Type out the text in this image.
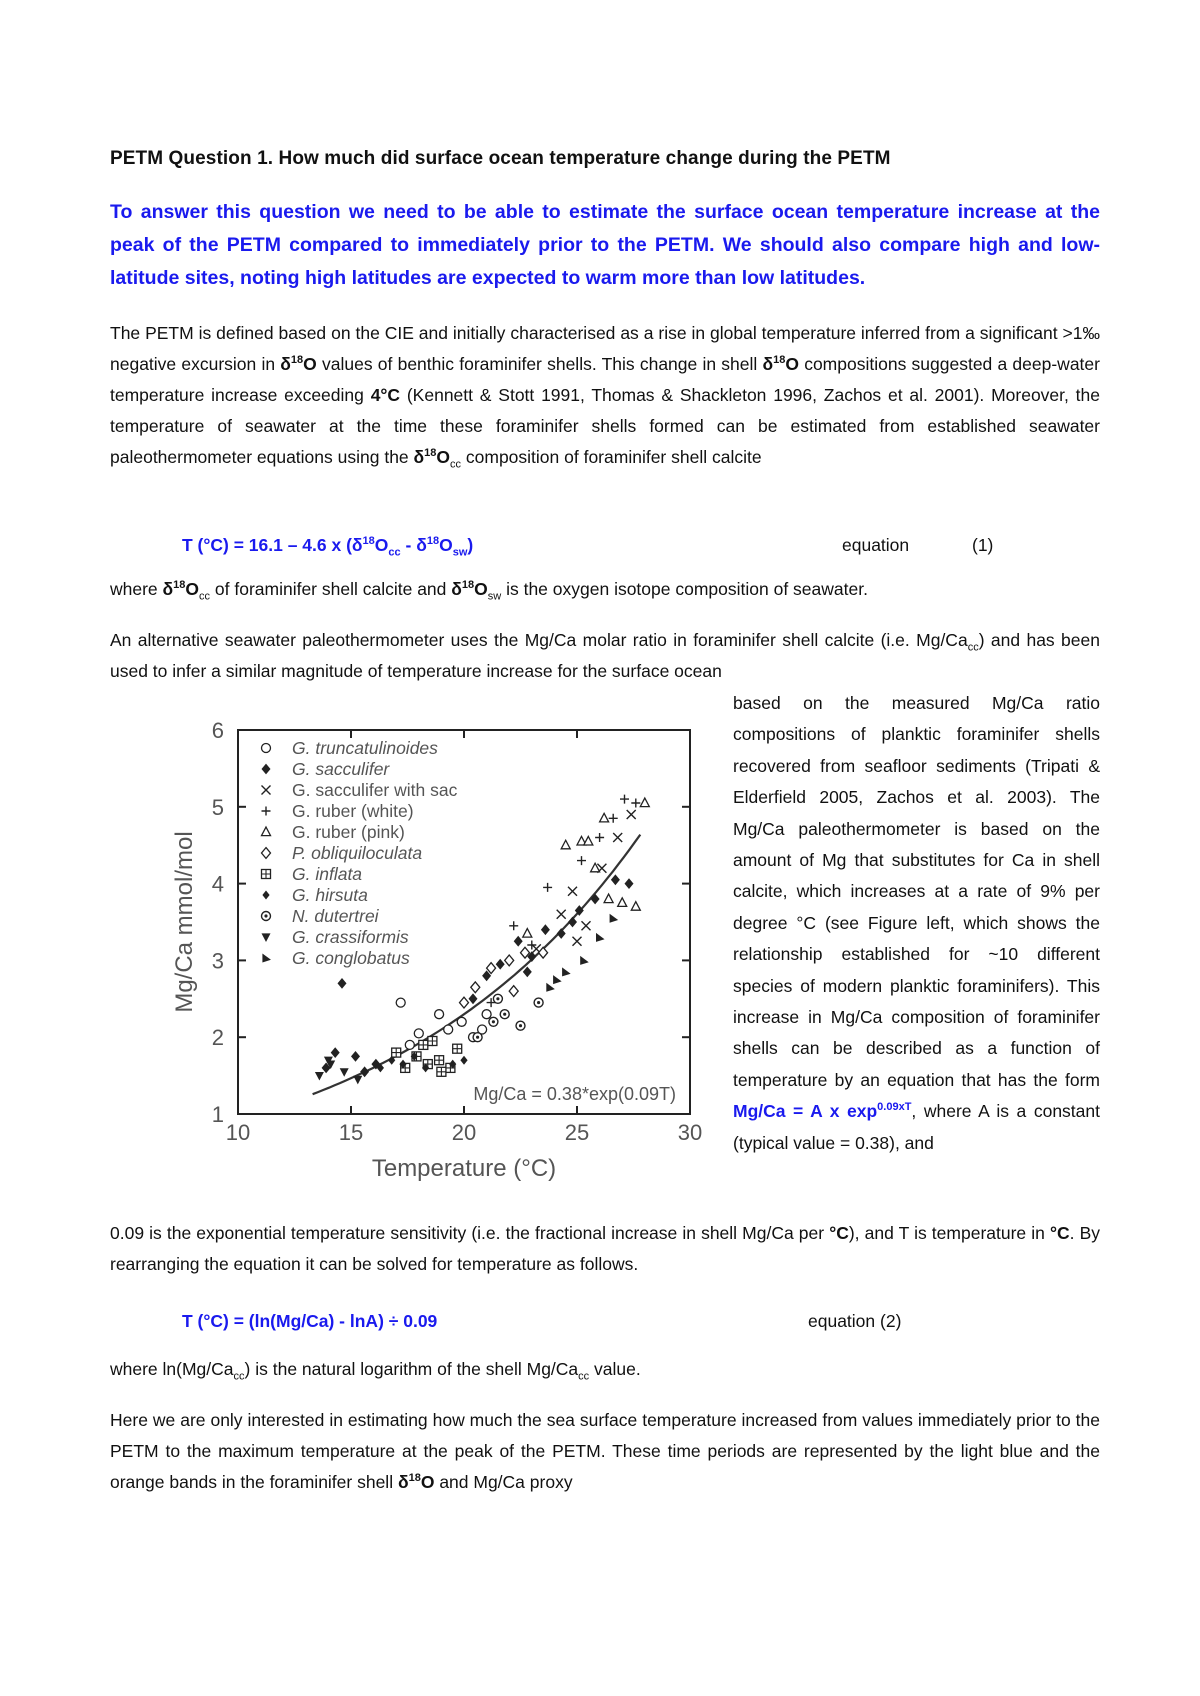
PETM Question 1. How much did surface ocean temperature change during the PETM
To answer this question we need to be able to estimate the surface ocean temperature increase at the peak of the PETM compared to immediately prior to the PETM. We should also compare high and low-latitude sites, noting high latitudes are expected to warm more than low latitudes.
The PETM is defined based on the CIE and initially characterised as a rise in global temperature inferred from a significant >1‰ negative excursion in $\delta^{18}O$ values of benthic foraminifer shells. This change in shell $\delta^{18}O$ compositions suggested a deep-water temperature increase exceeding 4°C (Kennett & Stott 1991, Thomas & Shackleton 1996, Zachos et al. 2001). Moreover, the temperature of seawater at the time these foraminifer shells formed can be estimated from established seawater paleothermometer equations using the $\delta^{18}O_{cc}$ composition of foraminifer shell calcite
T (°C) = 16.1 – 4.6 x $(\delta^{18}O_{cc} - \delta^{18}O_{sw})$	equation	(1)
where $\delta^{18}O_{cc}$ of foraminifer shell calcite and $\delta^{18}O_{sw}$ is the oxygen isotope composition of seawater.
An alternative seawater paleothermometer uses the Mg/Ca molar ratio in foraminifer shell calcite (i.e. $Mg/Ca_{cc}$) and has been used to infer a similar magnitude of temperature increase for the surface ocean
10	15	20	25	30
1
2
3
4
5
6
Temperature (°C)
Mg/Ca mmol/mol
Mg/Ca = 0.38*exp(0.09T)
G. truncatulinoides
G. sacculifer
G. sacculifer with sac
G. ruber (white)
G. ruber (pink)
P. obliquiloculata
G. inflata
G. hirsuta
N. dutertrei
G. crassiformis
G. conglobatus
based on the measured Mg/Ca ratio compositions of planktic foraminifer shells recovered from seafloor sediments (Tripati & Elderfield 2005, Zachos et al. 2003). The Mg/Ca paleothermometer is based on the amount of Mg that substitutes for Ca in shell calcite, which increases at a rate of 9% per degree °C (see Figure left, which shows the relationship established for ~10 different species of modern planktic foraminifers). This increase in Mg/Ca composition of foraminifer shells can be described as a function of temperature by an equation that has the form Mg/Ca = A x $\exp^{0.09xT}$, where A is a constant (typical value = 0.38), and
0.09 is the exponential temperature sensitivity (i.e. the fractional increase in shell Mg/Ca per °C), and T is temperature in °C. By rearranging the equation it can be solved for temperature as follows.
T (°C) = (ln(Mg/Ca) - lnA) ÷ 0.09	equation (2)
where $\ln(Mg/Ca_{cc})$ is the natural logarithm of the shell $Mg/Ca_{cc}$ value.
Here we are only interested in estimating how much the sea surface temperature increased from values immediately prior to the PETM to the maximum temperature at the peak of the PETM. These time periods are represented by the light blue and the orange bands in the foraminifer shell $\delta^{18}O$ and Mg/Ca proxy
